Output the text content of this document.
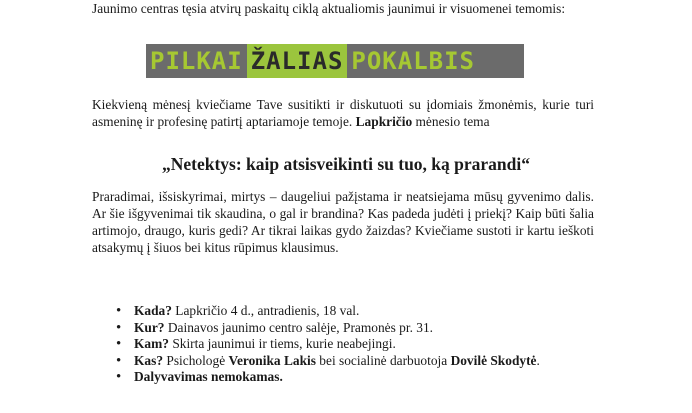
Jaunimo centras tęsia atvirų paskaitų ciklą aktualiomis jaunimui ir visuomenei temomis:

PILKAI ŽALIAS POKALBIS

Kiekvieną mėnesį kviečiame Tave susitikti ir diskutuoti su įdomiais žmonėmis, kurie turi asmeninę ir profesinę patirtį aptariamoje temoje. Lapkričio mėnesio tema

„Netektys: kaip atsisveikinti su tuo, ką prarandi“

Praradimai, išsiskyrimai, mirtys – daugeliui pažįstama ir neatsiejama mūsų gyvenimo dalis. Ar šie išgyvenimai tik skaudina, o gal ir brandina? Kas padeda judėti į priekį? Kaip būti šalia artimojo, draugo, kuris gedi? Ar tikrai laikas gydo žaizdas? Kviečiame sustoti ir kartu ieškoti atsakymų į šiuos bei kitus rūpimus klausimus.

• Kada? Lapkričio 4 d., antradienis, 18 val.
• Kur? Dainavos jaunimo centro salėje, Pramonės pr. 31.
• Kam? Skirta jaunimui ir tiems, kurie neabejingi.
• Kas? Psichologė Veronika Lakis bei socialinė darbuotoja Dovilė Skodytė.
• Dalyvavimas nemokamas.
